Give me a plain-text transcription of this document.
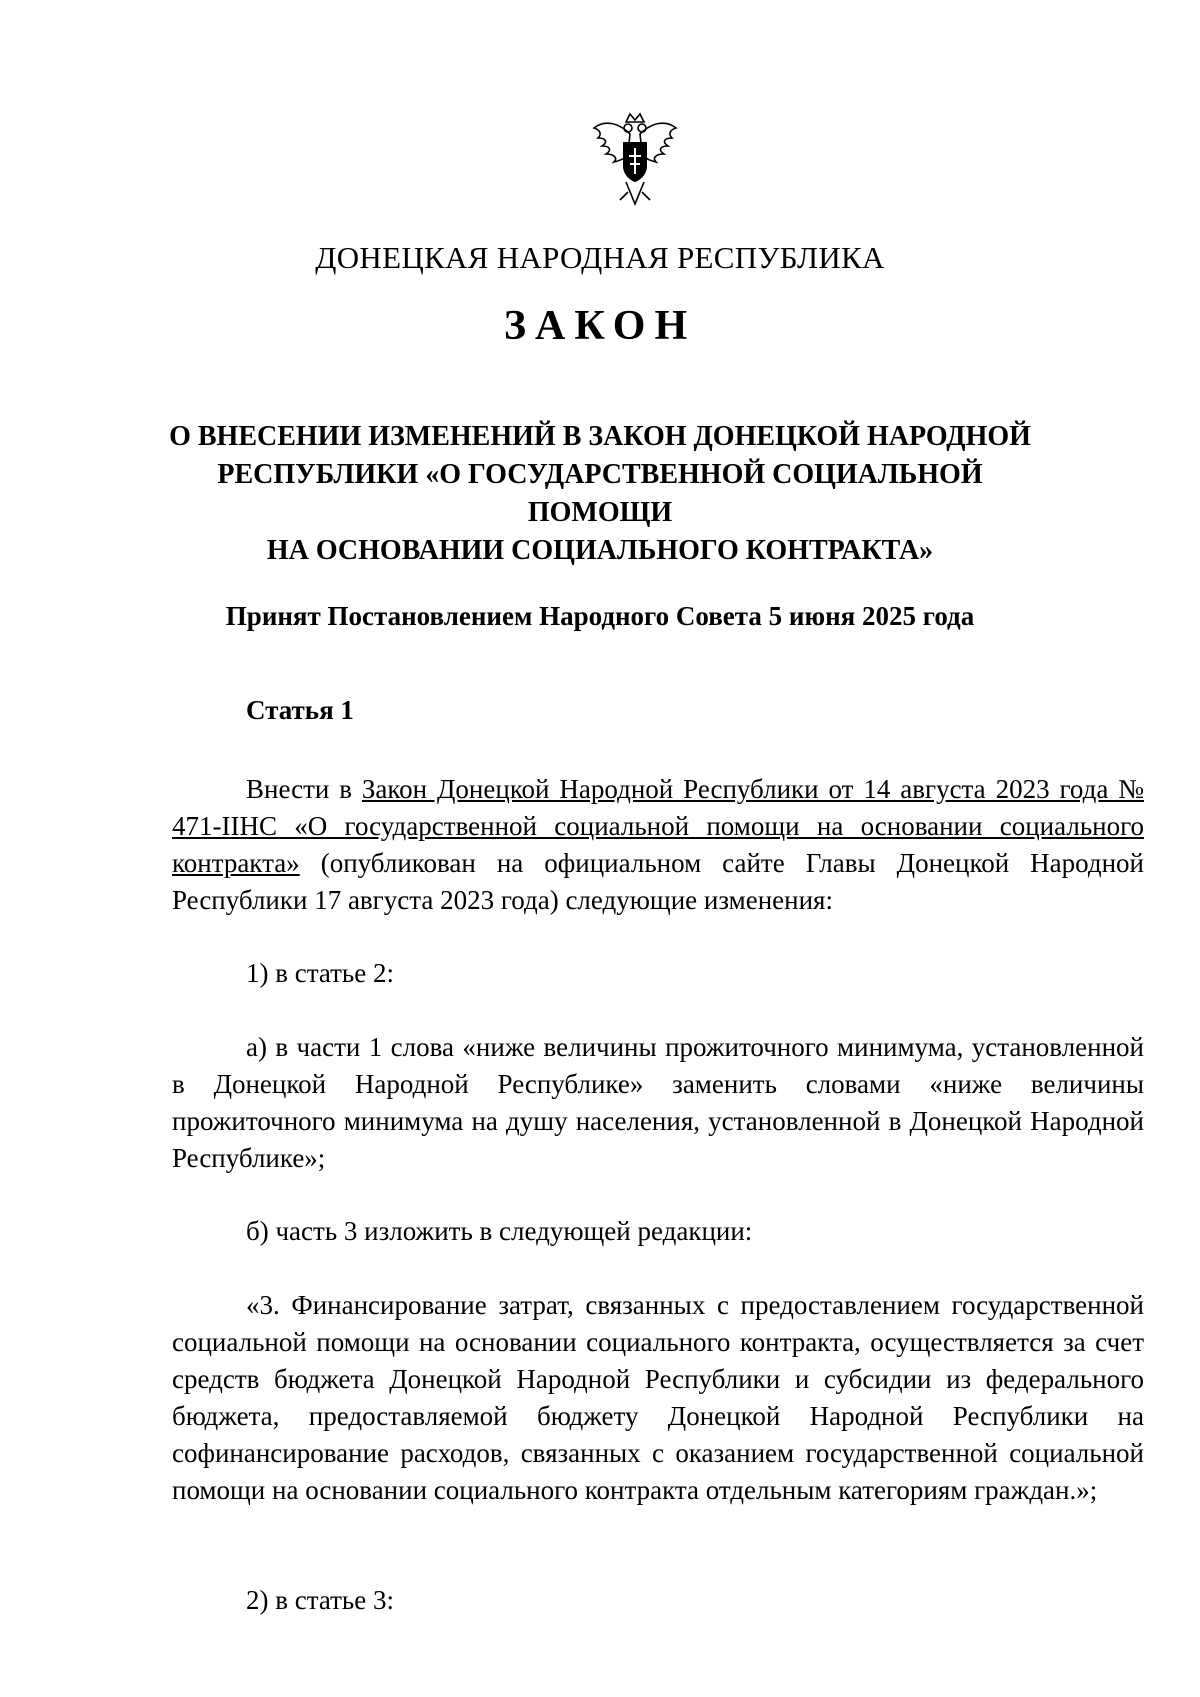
ДОНЕЦКАЯ НАРОДНАЯ РЕСПУБЛИКА
ЗАКОН
О ВНЕСЕНИИ ИЗМЕНЕНИЙ В ЗАКОН ДОНЕЦКОЙ НАРОДНОЙ
РЕСПУБЛИКИ «О ГОСУДАРСТВЕННОЙ СОЦИАЛЬНОЙ ПОМОЩИ
НА ОСНОВАНИИ СОЦИАЛЬНОГО КОНТРАКТА»
Принят Постановлением Народного Совета 5 июня 2025 года
Статья 1

Внести в Закон Донецкой Народной Республики от 14 августа 2023 года № 471-IIНС «О государственной социальной помощи на основании социального контракта» (опубликован на официальном сайте Главы Донецкой Народной Республики 17 августа 2023 года) следующие изменения:

1) в статье 2:

а) в части 1 слова «ниже величины прожиточного минимума, установленной в Донецкой Народной Республике» заменить словами «ниже величины прожиточного минимума на душу населения, установленной в Донецкой Народной Республике»;

б) часть 3 изложить в следующей редакции:

«3. Финансирование затрат, связанных с предоставлением государственной социальной помощи на основании социального контракта, осуществляется за счет средств бюджета Донецкой Народной Республики и субсидии из федерального бюджета, предоставляемой бюджету Донецкой Народной Республики на софинансирование расходов, связанных с оказанием государственной социальной помощи на основании социального контракта отдельным категориям граждан.»;

2) в статье 3:
